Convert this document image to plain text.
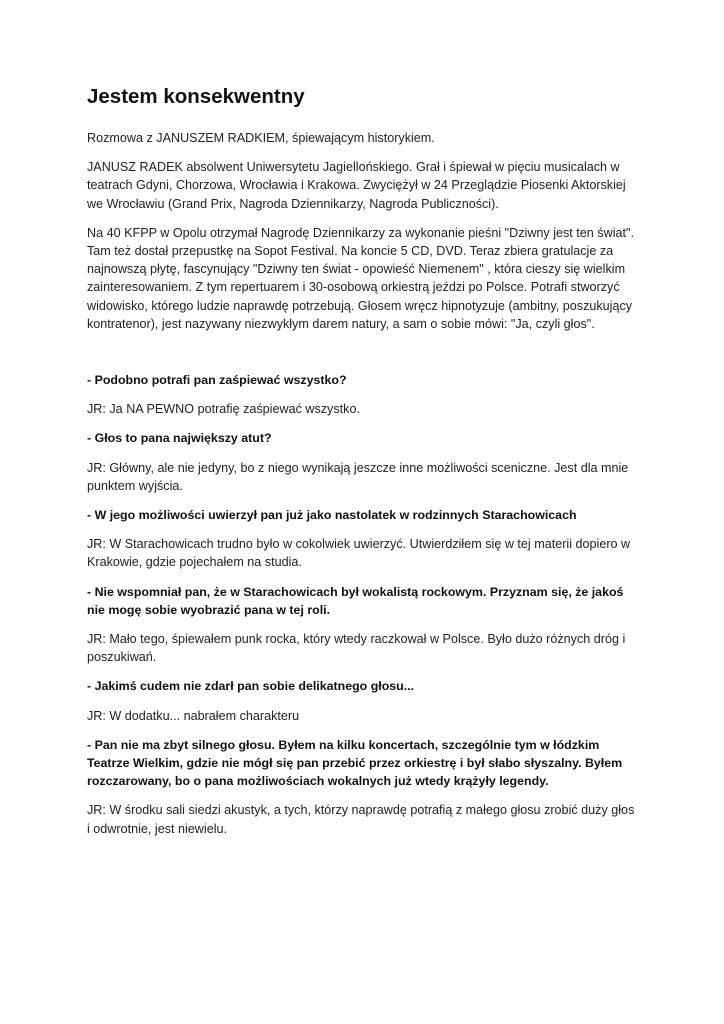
Jestem konsekwentny

Rozmowa z JANUSZEM RADKIEM, śpiewającym historykiem.

JANUSZ RADEK absolwent Uniwersytetu Jagiellońskiego. Grał i śpiewał w pięciu musicalach w teatrach Gdyni, Chorzowa, Wrocławia i Krakowa. Zwyciężył w 24 Przeglądzie Piosenki Aktorskiej we Wrocławiu (Grand Prix, Nagroda Dziennikarzy, Nagroda Publiczności).

Na 40 KFPP w Opolu otrzymał Nagrodę Dziennikarzy za wykonanie pieśni "Dziwny jest ten świat". Tam też dostał przepustkę na Sopot Festival. Na koncie 5 CD, DVD. Teraz zbiera gratulacje za najnowszą płytę, fascynujący "Dziwny ten świat - opowieść Niemenem" , która cieszy się wielkim zainteresowaniem. Z tym repertuarem i 30-osobową orkiestrą jeździ po Polsce. Potrafi stworzyć widowisko, którego ludzie naprawdę potrzebują. Głosem wręcz hipnotyzuje (ambitny, poszukujący kontratenor), jest nazywany niezwykłym darem natury, a sam o sobie mówi: "Ja, czyli głos".

- Podobno potrafi pan zaśpiewać wszystko?

JR: Ja NA PEWNO potrafię zaśpiewać wszystko.

- Głos to pana największy atut?

JR: Główny, ale nie jedyny, bo z niego wynikają jeszcze inne możliwości sceniczne. Jest dla mnie punktem wyjścia.

- W jego możliwości uwierzył pan już jako nastolatek w rodzinnych Starachowicach

JR: W Starachowicach trudno było w cokolwiek uwierzyć. Utwierdziłem się w tej materii dopiero w Krakowie, gdzie pojechałem na studia.

- Nie wspomniał pan, że w Starachowicach był wokalistą rockowym. Przyznam się, że jakoś nie mogę sobie wyobrazić pana w tej roli.

JR: Mało tego, śpiewałem punk rocka, który wtedy raczkował w Polsce. Było dużo różnych dróg i poszukiwań.

- Jakimś cudem nie zdarł pan sobie delikatnego głosu...

JR: W dodatku... nabrałem charakteru

- Pan nie ma zbyt silnego głosu. Byłem na kilku koncertach, szczególnie tym w łódzkim Teatrze Wielkim, gdzie nie mógł się pan przebić przez orkiestrę i był słabo słyszalny. Byłem rozczarowany, bo o pana możliwościach wokalnych już wtedy krążyły legendy.

JR: W środku sali siedzi akustyk, a tych, którzy naprawdę potrafią z małego głosu zrobić duży głos i odwrotnie, jest niewielu.
